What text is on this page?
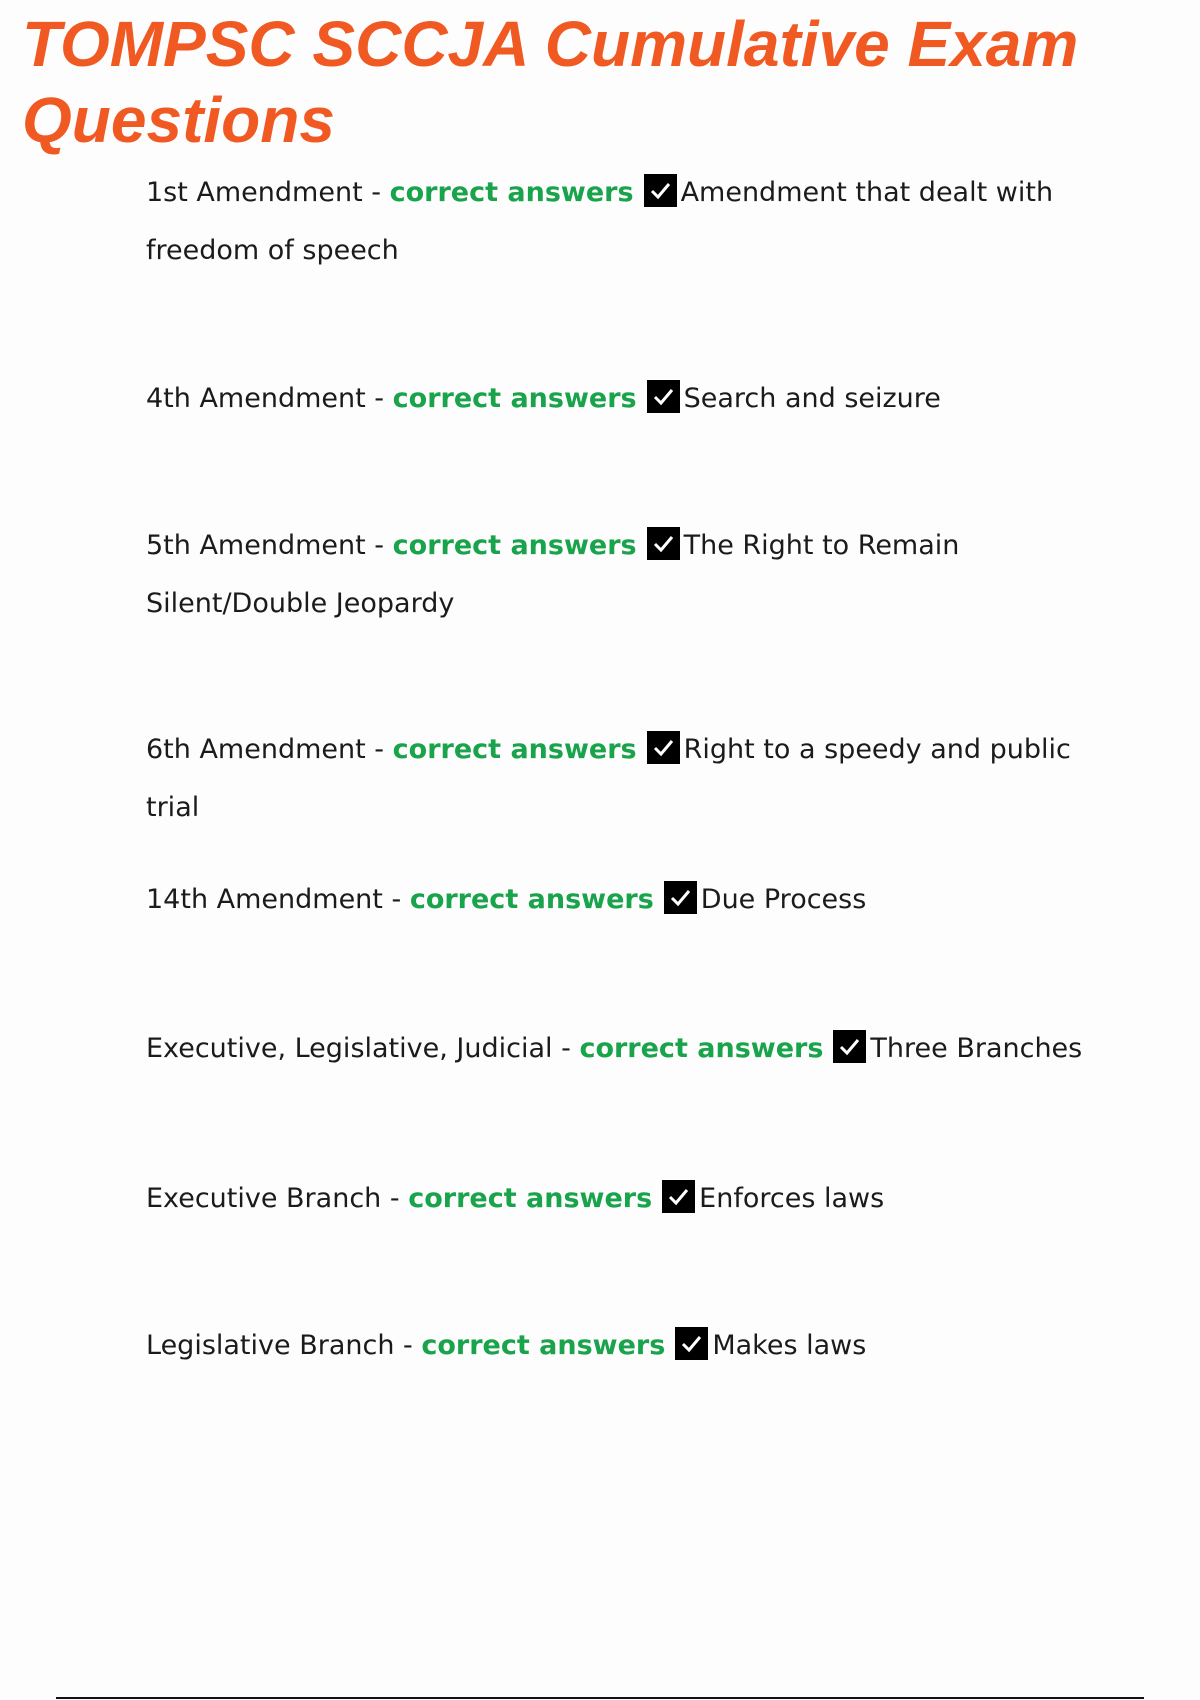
TOMPSC SCCJA Cumulative Exam Questions

1st Amendment - correct answers Amendment that dealt with freedom of speech

4th Amendment - correct answers Search and seizure

5th Amendment - correct answers The Right to Remain Silent/Double Jeopardy

6th Amendment - correct answers Right to a speedy and public trial

14th Amendment - correct answers Due Process

Executive, Legislative, Judicial - correct answers Three Branches

Executive Branch - correct answers Enforces laws

Legislative Branch - correct answers Makes laws
